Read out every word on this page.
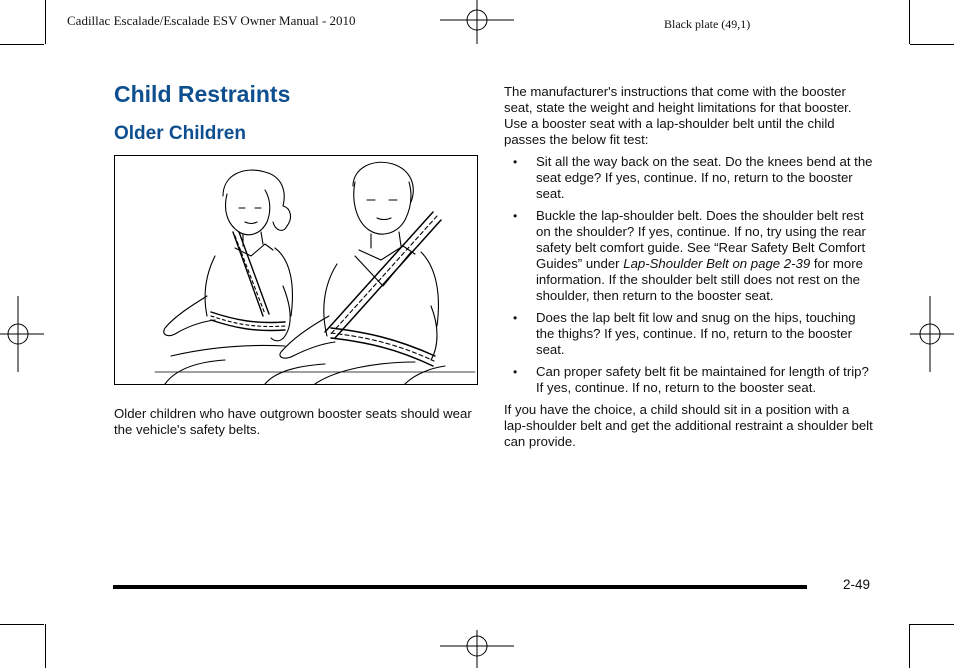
Cadillac Escalade/Escalade ESV Owner Manual - 2010	Black plate (49,1)
Child Restraints
Older Children
Older children who have outgrown booster seats should wear the vehicle's safety belts.

The manufacturer's instructions that come with the booster seat, state the weight and height limitations for that booster. Use a booster seat with a lap-shoulder belt until the child passes the below fit test:

• Sit all the way back on the seat. Do the knees bend at the seat edge? If yes, continue. If no, return to the booster seat.
• Buckle the lap-shoulder belt. Does the shoulder belt rest on the shoulder? If yes, continue. If no, try using the rear safety belt comfort guide. See “Rear Safety Belt Comfort Guides” under Lap-Shoulder Belt on page 2-39 for more information. If the shoulder belt still does not rest on the shoulder, then return to the booster seat.
• Does the lap belt fit low and snug on the hips, touching the thighs? If yes, continue. If no, return to the booster seat.
• Can proper safety belt fit be maintained for length of trip? If yes, continue. If no, return to the booster seat.

If you have the choice, a child should sit in a position with a lap-shoulder belt and get the additional restraint a shoulder belt can provide.

2-49
